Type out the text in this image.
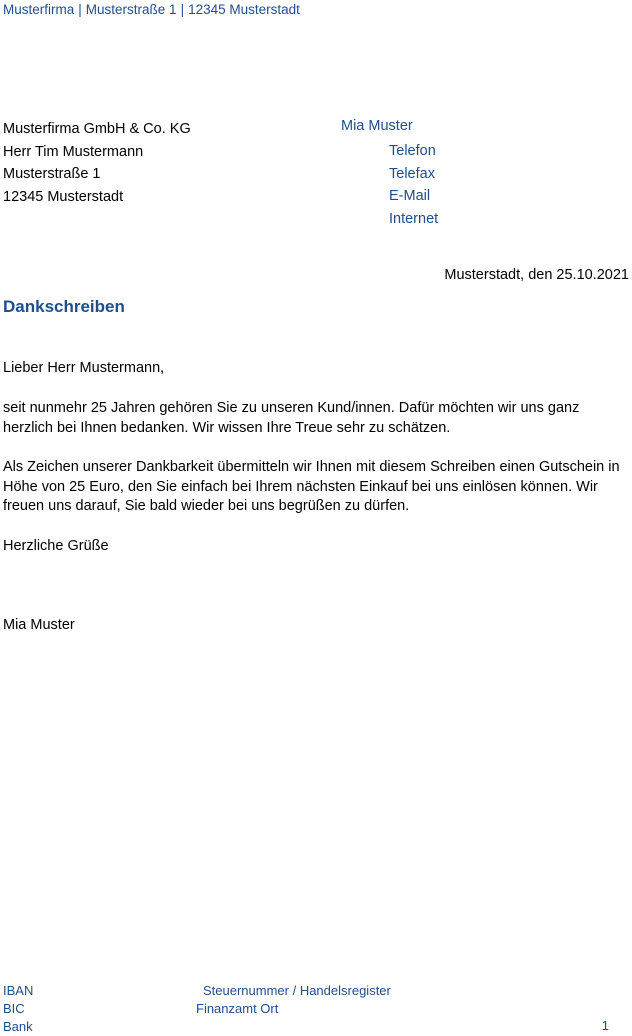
Musterfirma | Musterstraße 1 | 12345 Musterstadt
Musterfirma GmbH & Co. KG
Herr Tim Mustermann
Musterstraße 1
12345 Musterstadt
Mia Muster
Telefon
Telefax
E-Mail
Internet
Musterstadt, den 25.10.2021
Dankschreiben
Lieber Herr Mustermann,
seit nunmehr 25 Jahren gehören Sie zu unseren Kund/innen. Dafür möchten wir uns ganz herzlich bei Ihnen bedanken. Wir wissen Ihre Treue sehr zu schätzen.
Als Zeichen unserer Dankbarkeit übermitteln wir Ihnen mit diesem Schreiben einen Gutschein in Höhe von 25 Euro, den Sie einfach bei Ihrem nächsten Einkauf bei uns einlösen können. Wir freuen uns darauf, Sie bald wieder bei uns begrüßen zu dürfen.
Herzliche Grüße
Mia Muster
IBAN
BIC
Bank
Steuernummer / Handelsregister
Finanzamt Ort
1
